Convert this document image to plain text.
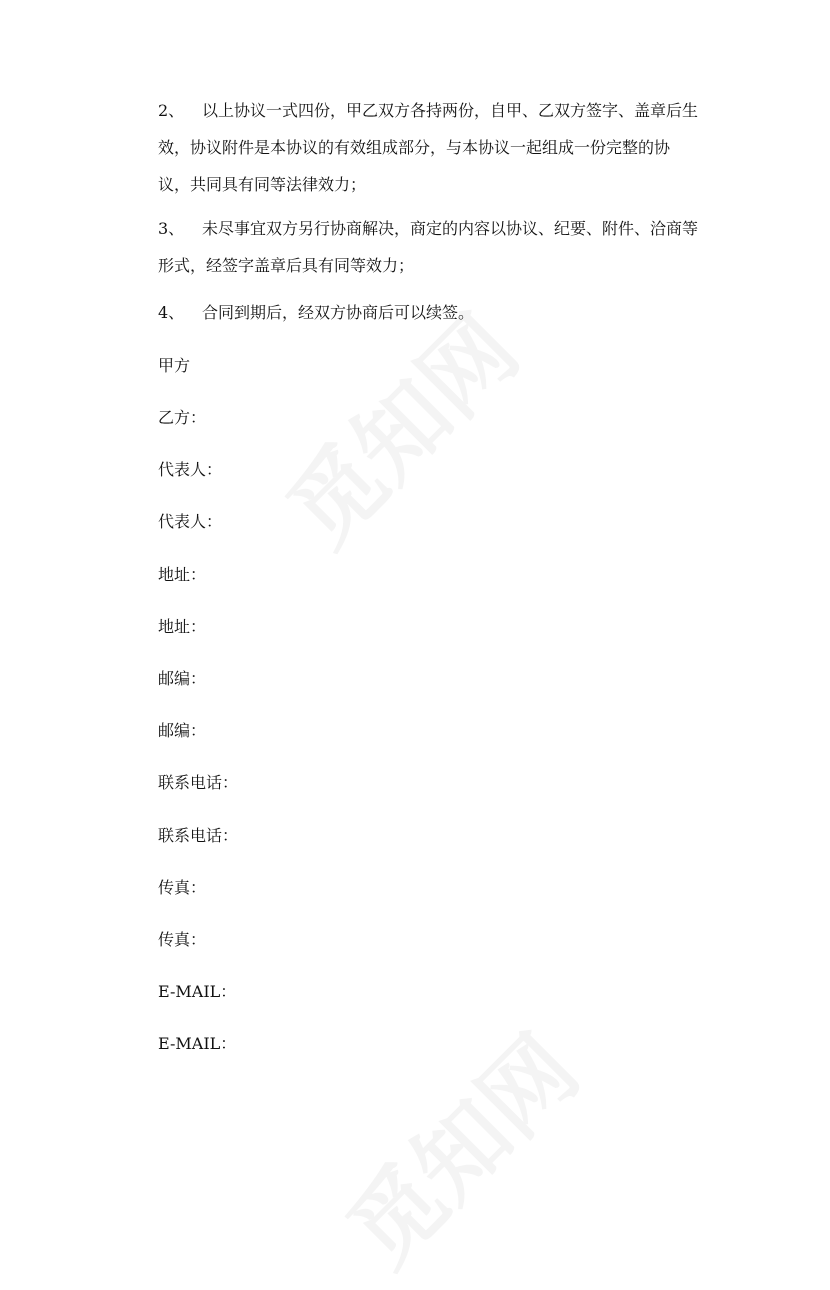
2、 以上协议一式四份，甲乙双方各持两份，自甲、乙双方签字、盖章后生效，协议附件是本协议的有效组成部分，与本协议一起组成一份完整的协议，共同具有同等法律效力；

3、 未尽事宜双方另行协商解决，商定的内容以协议、纪要、附件、洽商等形式，经签字盖章后具有同等效力；

4、 合同到期后，经双方协商后可以续签。

甲方

乙方：

代表人：

代表人：

地址：

地址：

邮编：

邮编：

联系电话：

联系电话：

传真：

传真：

E-MAIL：

E-MAIL：
